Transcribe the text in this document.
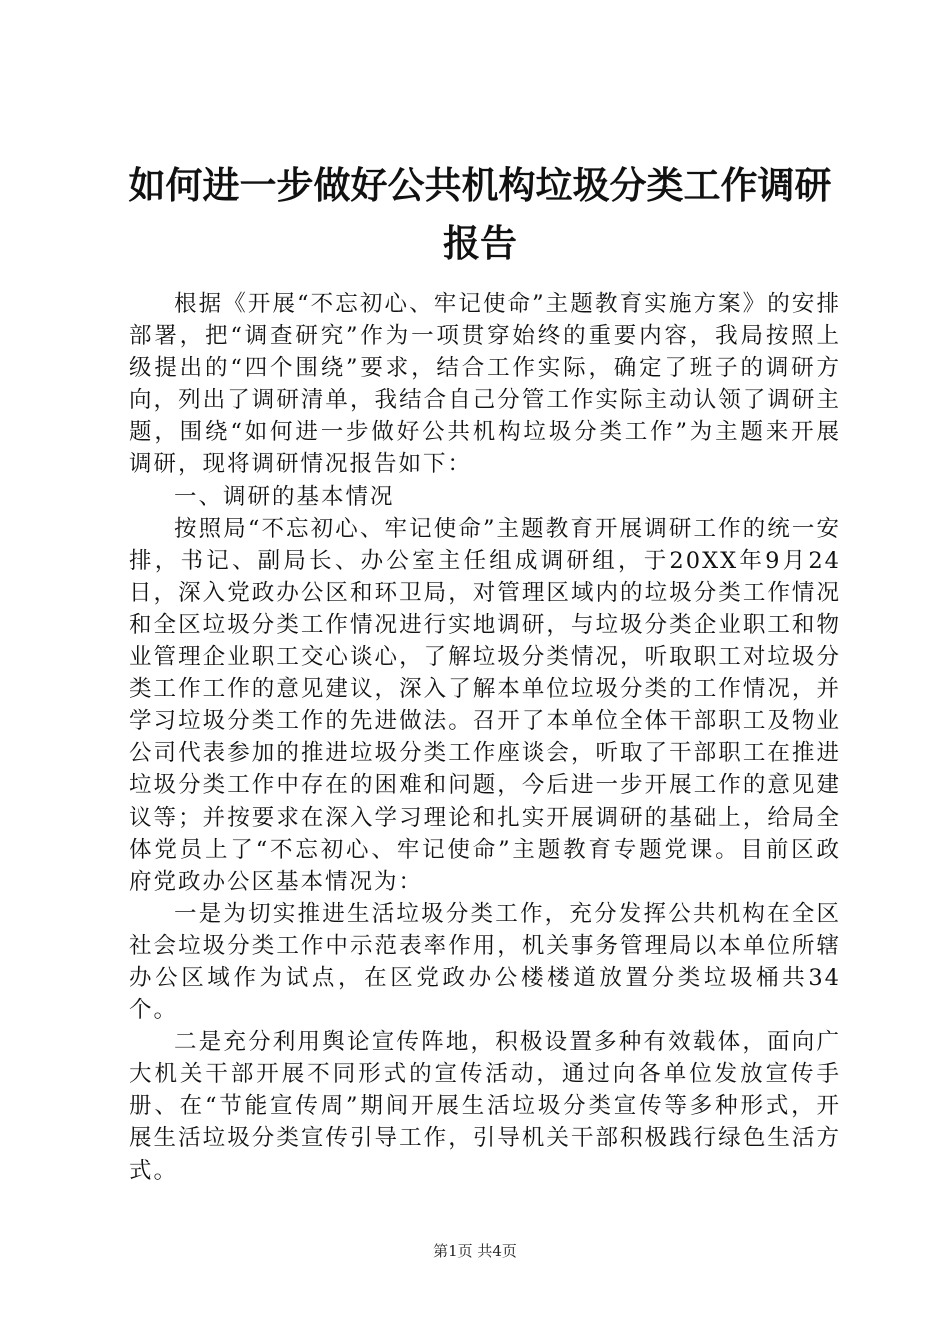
如何进一步做好公共机构垃圾分类工作调研报告

根据《开展“不忘初心、牢记使命”主题教育实施方案》的安排部署，把“调查研究”作为一项贯穿始终的重要内容，我局按照上级提出的“四个围绕”要求，结合工作实际，确定了班子的调研方向，列出了调研清单，我结合自己分管工作实际主动认领了调研主题，围绕“如何进一步做好公共机构垃圾分类工作”为主题来开展调研，现将调研情况报告如下：

一、调研的基本情况

按照局“不忘初心、牢记使命”主题教育开展调研工作的统一安排，书记、副局长、办公室主任组成调研组，于20XX年9月24日，深入党政办公区和环卫局，对管理区域内的垃圾分类工作情况和全区垃圾分类工作情况进行实地调研，与垃圾分类企业职工和物业管理企业职工交心谈心，了解垃圾分类情况，听取职工对垃圾分类工作工作的意见建议，深入了解本单位垃圾分类的工作情况，并学习垃圾分类工作的先进做法。召开了本单位全体干部职工及物业公司代表参加的推进垃圾分类工作座谈会，听取了干部职工在推进垃圾分类工作中存在的困难和问题，今后进一步开展工作的意见建议等；并按要求在深入学习理论和扎实开展调研的基础上，给局全体党员上了“不忘初心、牢记使命”主题教育专题党课。目前区政府党政办公区基本情况为：

一是为切实推进生活垃圾分类工作，充分发挥公共机构在全区社会垃圾分类工作中示范表率作用，机关事务管理局以本单位所辖办公区域作为试点，在区党政办公楼楼道放置分类垃圾桶共34个。

二是充分利用舆论宣传阵地，积极设置多种有效载体，面向广大机关干部开展不同形式的宣传活动，通过向各单位发放宣传手册、在“节能宣传周”期间开展生活垃圾分类宣传等多种形式，开展生活垃圾分类宣传引导工作，引导机关干部积极践行绿色生活方式。

第1页 共4页
